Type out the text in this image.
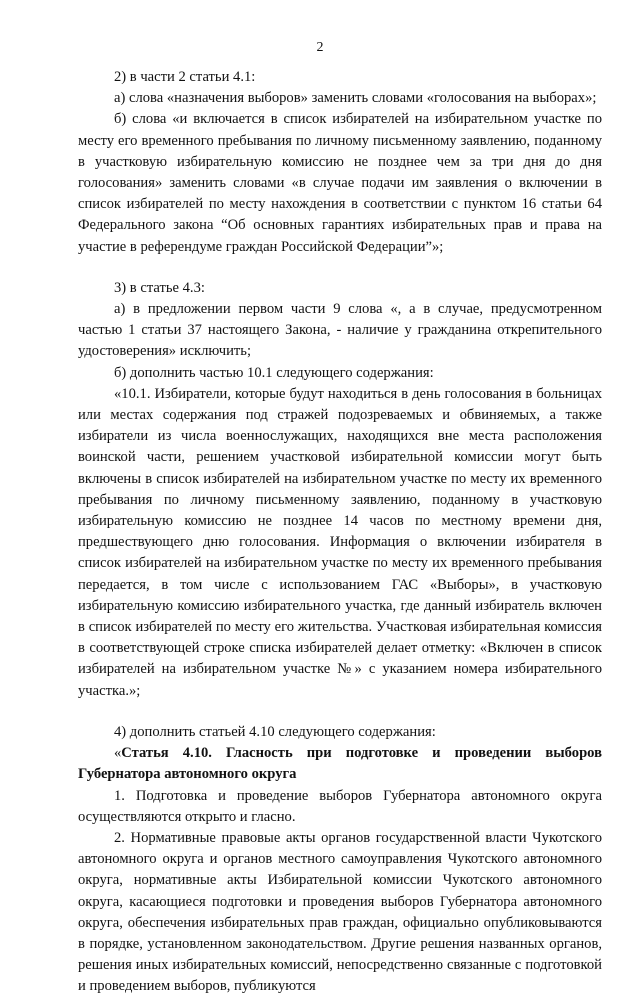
2

2) в части 2 статьи 4.1:

а) слова «назначения выборов» заменить словами «голосования на выборах»;

б) слова «и включается в список избирателей на избирательном участке по месту его временного пребывания по личному письменному заявлению, поданному в участковую избирательную комиссию не позднее чем за три дня до дня голосования» заменить словами «в случае подачи им заявления о включении в список избирателей по месту нахождения в соответствии с пунктом 16 статьи 64 Федерального закона “Об основных гарантиях избирательных прав и права на участие в референдуме граждан Российской Федерации”»;

3) в статье 4.3:

а) в предложении первом части 9 слова «, а в случае, предусмотренном частью 1 статьи 37 настоящего Закона, - наличие у гражданина открепительного удостоверения» исключить;

б) дополнить частью 10.1 следующего содержания:

«10.1. Избиратели, которые будут находиться в день голосования в больницах или местах содержания под стражей подозреваемых и обвиняемых, а также избиратели из числа военнослужащих, находящихся вне места расположения воинской части, решением участковой избирательной комиссии могут быть включены в список избирателей на избирательном участке по месту их временного пребывания по личному письменному заявлению, поданному в участковую избирательную комиссию не позднее 14 часов по местному времени дня, предшествующего дню голосования. Информация о включении избирателя в список избирателей на избирательном участке по месту их временного пребывания передается, в том числе с использованием ГАС «Выборы», в участковую избирательную комиссию избирательного участка, где данный избиратель включен в список избирателей по месту его жительства. Участковая избирательная комиссия в соответствующей строке списка избирателей делает отметку: «Включен в список избирателей на избирательном участке №» с указанием номера избирательного участка.»;

4) дополнить статьей 4.10 следующего содержания:

«Статья 4.10. Гласность при подготовке и проведении выборов Губернатора автономного округа

1. Подготовка и проведение выборов Губернатора автономного округа осуществляются открыто и гласно.

2. Нормативные правовые акты органов государственной власти Чукотского автономного округа и органов местного самоуправления Чукотского автономного округа, нормативные акты Избирательной комиссии Чукотского автономного округа, касающиеся подготовки и проведения выборов Губернатора автономного округа, обеспечения избирательных прав граждан, официально опубликовываются в порядке, установленном законодательством. Другие решения названных органов, решения иных избирательных комиссий, непосредственно связанные с подготовкой и проведением выборов, публикуются
